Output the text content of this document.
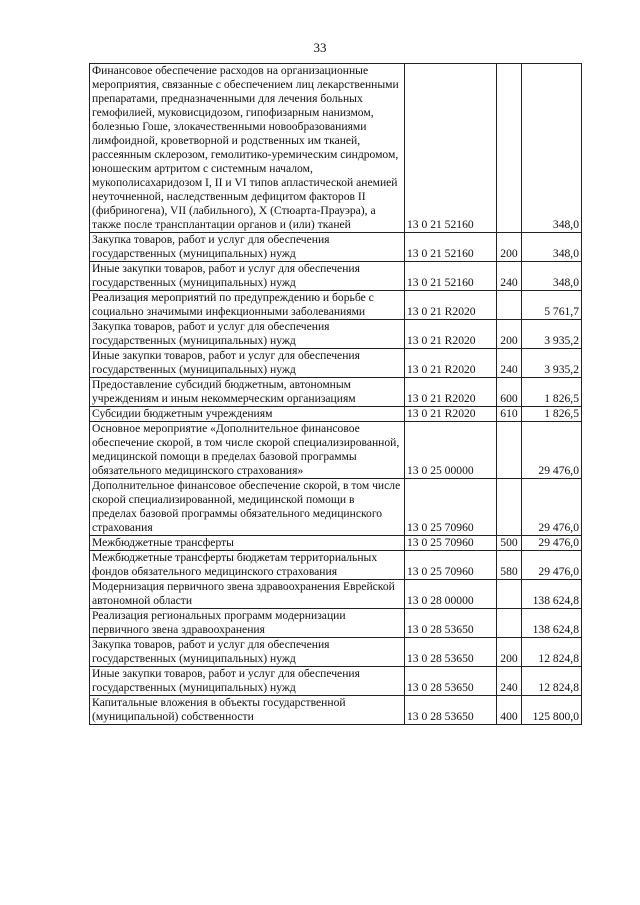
33
Финансовое обеспечение расходов на организационные мероприятия, связанные с обеспечением лиц лекарственными препаратами, предназначенными для лечения больных гемофилией, муковисцидозом, гипофизарным нанизмом, болезнью Гоше, злокачественными новообразованиями лимфоидной, кроветворной и родственных им тканей, рассеянным склерозом, гемолитико-уремическим синдромом, юношеским артритом с системным началом, мукополисахаридозом I, II и VI типов апластической анемией неуточненной, наследственным дефицитом факторов II (фибриногена), VII (лабильного), X (Стюарта-Прауэра), а также после трансплантации органов и (или) тканей	13 0 21 52160		348,0
Закупка товаров, работ и услуг для обеспечения государственных (муниципальных) нужд	13 0 21 52160	200	348,0
Иные закупки товаров, работ и услуг для обеспечения государственных (муниципальных) нужд	13 0 21 52160	240	348,0
Реализация мероприятий по предупреждению и борьбе с социально значимыми инфекционными заболеваниями	13 0 21 R2020		5 761,7
Закупка товаров, работ и услуг для обеспечения государственных (муниципальных) нужд	13 0 21 R2020	200	3 935,2
Иные закупки товаров, работ и услуг для обеспечения государственных (муниципальных) нужд	13 0 21 R2020	240	3 935,2
Предоставление субсидий бюджетным, автономным учреждениям и иным некоммерческим организациям	13 0 21 R2020	600	1 826,5
Субсидии бюджетным учреждениям	13 0 21 R2020	610	1 826,5
Основное мероприятие «Дополнительное финансовое обеспечение скорой, в том числе скорой специализированной, медицинской помощи в пределах базовой программы обязательного медицинского страхования»	13 0 25 00000		29 476,0
Дополнительное финансовое обеспечение скорой, в том числе скорой специализированной, медицинской помощи в пределах базовой программы обязательного медицинского страхования	13 0 25 70960		29 476,0
Межбюджетные трансферты	13 0 25 70960	500	29 476,0
Межбюджетные трансферты бюджетам территориальных фондов обязательного медицинского страхования	13 0 25 70960	580	29 476,0
Модернизация первичного звена здравоохранения Еврейской автономной области	13 0 28 00000		138 624,8
Реализация региональных программ модернизации первичного звена здравоохранения	13 0 28 53650		138 624,8
Закупка товаров, работ и услуг для обеспечения государственных (муниципальных) нужд	13 0 28 53650	200	12 824,8
Иные закупки товаров, работ и услуг для обеспечения государственных (муниципальных) нужд	13 0 28 53650	240	12 824,8
Капитальные вложения в объекты государственной (муниципальной) собственности	13 0 28 53650	400	125 800,0
